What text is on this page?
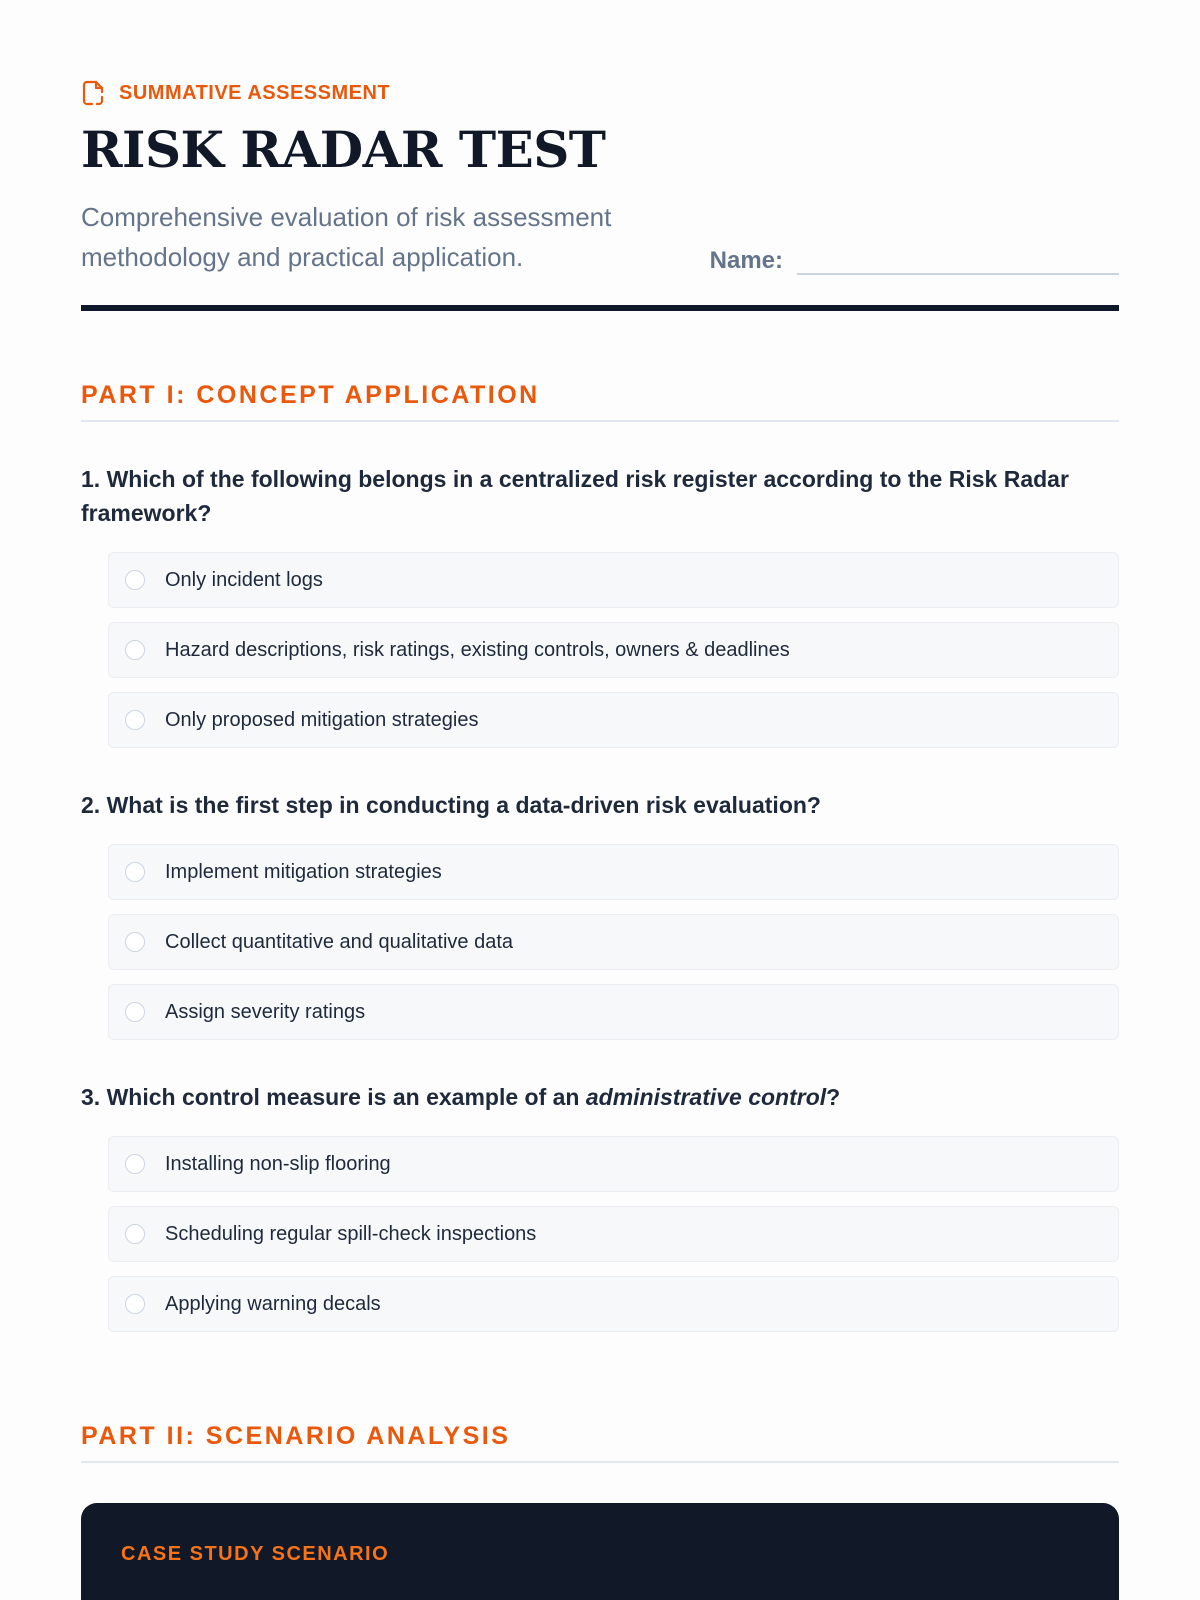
SUMMATIVE ASSESSMENT
RISK RADAR TEST

Comprehensive evaluation of risk assessment methodology and practical application.	Name:
PART I: CONCEPT APPLICATION

1. Which of the following belongs in a centralized risk register according to the Risk Radar framework?

Only incident logs
Hazard descriptions, risk ratings, existing controls, owners & deadlines
Only proposed mitigation strategies

2. What is the first step in conducting a data-driven risk evaluation?

Implement mitigation strategies
Collect quantitative and qualitative data
Assign severity ratings

3. Which control measure is an example of an administrative control?

Installing non-slip flooring
Scheduling regular spill-check inspections
Applying warning decals
PART II: SCENARIO ANALYSIS
CASE STUDY SCENARIO
